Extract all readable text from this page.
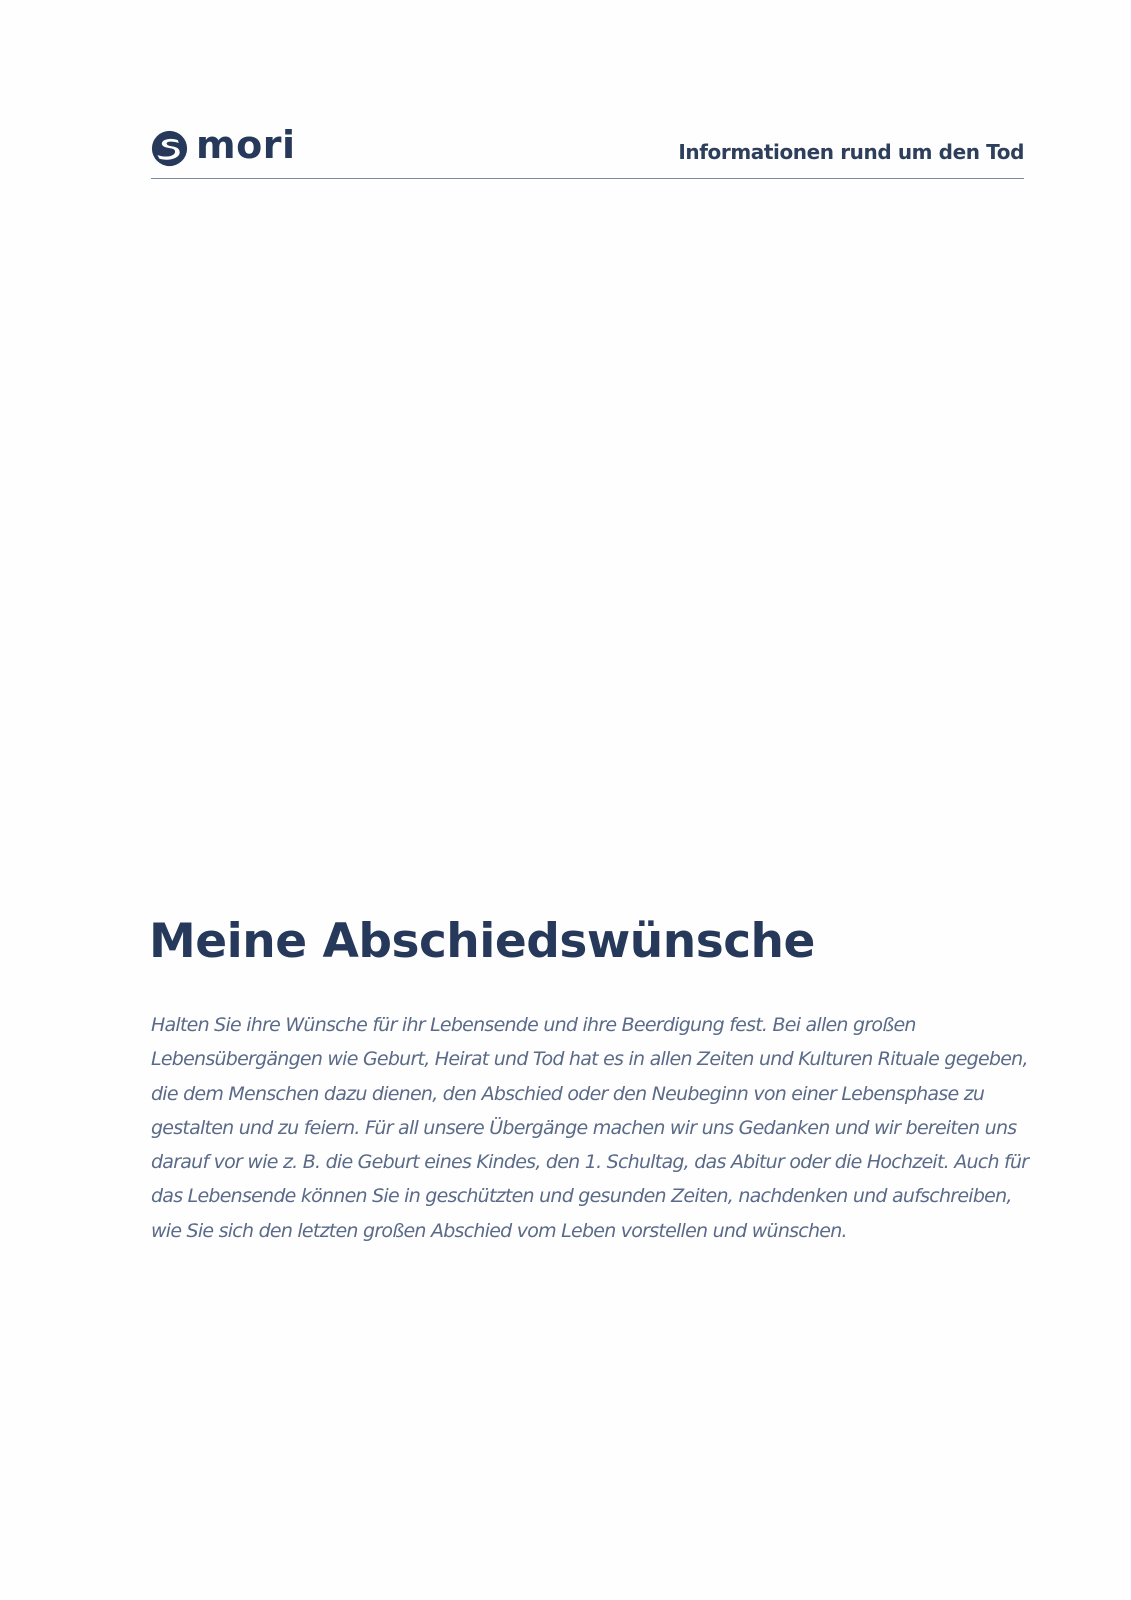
mori	Informationen rund um den Tod
Meine Abschiedswünsche

Halten Sie ihre Wünsche für ihr Lebensende und ihre Beerdigung fest. Bei allen großen Lebensübergängen wie Geburt, Heirat und Tod hat es in allen Zeiten und Kulturen Rituale gegeben, die dem Menschen dazu dienen, den Abschied oder den Neubeginn von einer Lebensphase zu gestalten und zu feiern. Für all unsere Übergänge machen wir uns Gedanken und wir bereiten uns darauf vor wie z. B. die Geburt eines Kindes, den 1. Schultag, das Abitur oder die Hochzeit. Auch für das Lebensende können Sie in geschützten und gesunden Zeiten, nachdenken und aufschreiben, wie Sie sich den letzten großen Abschied vom Leben vorstellen und wünschen.
